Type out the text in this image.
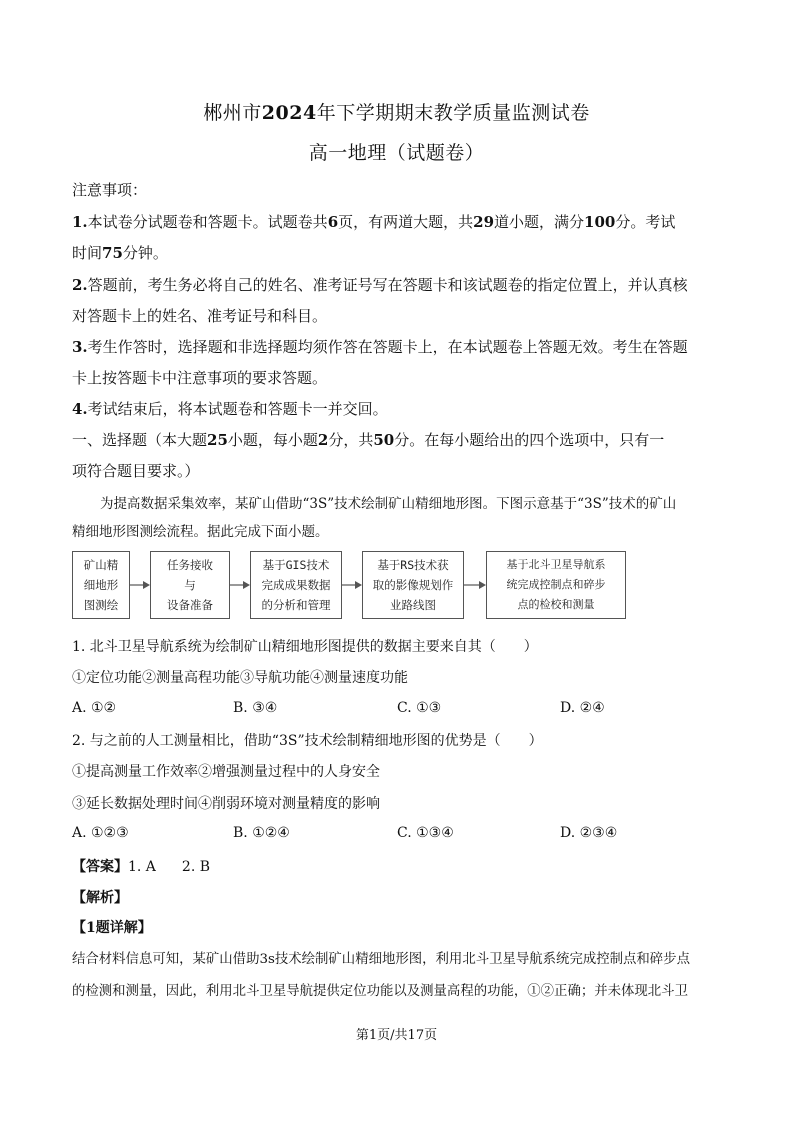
郴州市2024年下学期期末教学质量监测试卷
高一地理（试题卷）
注意事项：
1.本试卷分试题卷和答题卡。试题卷共6页，有两道大题，共29道小题，满分100分。考试
时间75分钟。
2.答题前，考生务必将自己的姓名、准考证号写在答题卡和该试题卷的指定位置上，并认真核
对答题卡上的姓名、准考证号和科目。
3.考生作答时，选择题和非选择题均须作答在答题卡上，在本试题卷上答题无效。考生在答题
卡上按答题卡中注意事项的要求答题。
4.考试结束后，将本试题卷和答题卡一并交回。
一、选择题（本大题25小题，每小题2分，共50分。在每小题给出的四个选项中，只有一
项符合题目要求。）
为提高数据采集效率，某矿山借助“3S”技术绘制矿山精细地形图。下图示意基于“3S”技术的矿山
精细地形图测绘流程。据此完成下面小题。
矿山精
细地形
图测绘
任务接收
与
设备准备
基于GIS技术
完成成果数据
的分析和管理
基于RS技术获
取的影像规划作
业路线图
基于北斗卫星导航系
统完成控制点和碎步
点的检校和测量
1. 北斗卫星导航系统为绘制矿山精细地形图提供的数据主要来自其（　　）
①定位功能②测量高程功能③导航功能④测量速度功能
A. ①②	B. ③④	C. ①③	D. ②④
2. 与之前的人工测量相比，借助“3S”技术绘制精细地形图的优势是（　　）
①提高测量工作效率②增强测量过程中的人身安全
③延长数据处理时间④削弱环境对测量精度的影响
A. ①②③	B. ①②④	C. ①③④	D. ②③④
【答案】1. A 2. B
【解析】
【1题详解】
结合材料信息可知，某矿山借助3s技术绘制矿山精细地形图，利用北斗卫星导航系统完成控制点和碎步点
的检测和测量，因此，利用北斗卫星导航提供定位功能以及测量高程的功能，①②正确；并未体现北斗卫
第1页/共17页
